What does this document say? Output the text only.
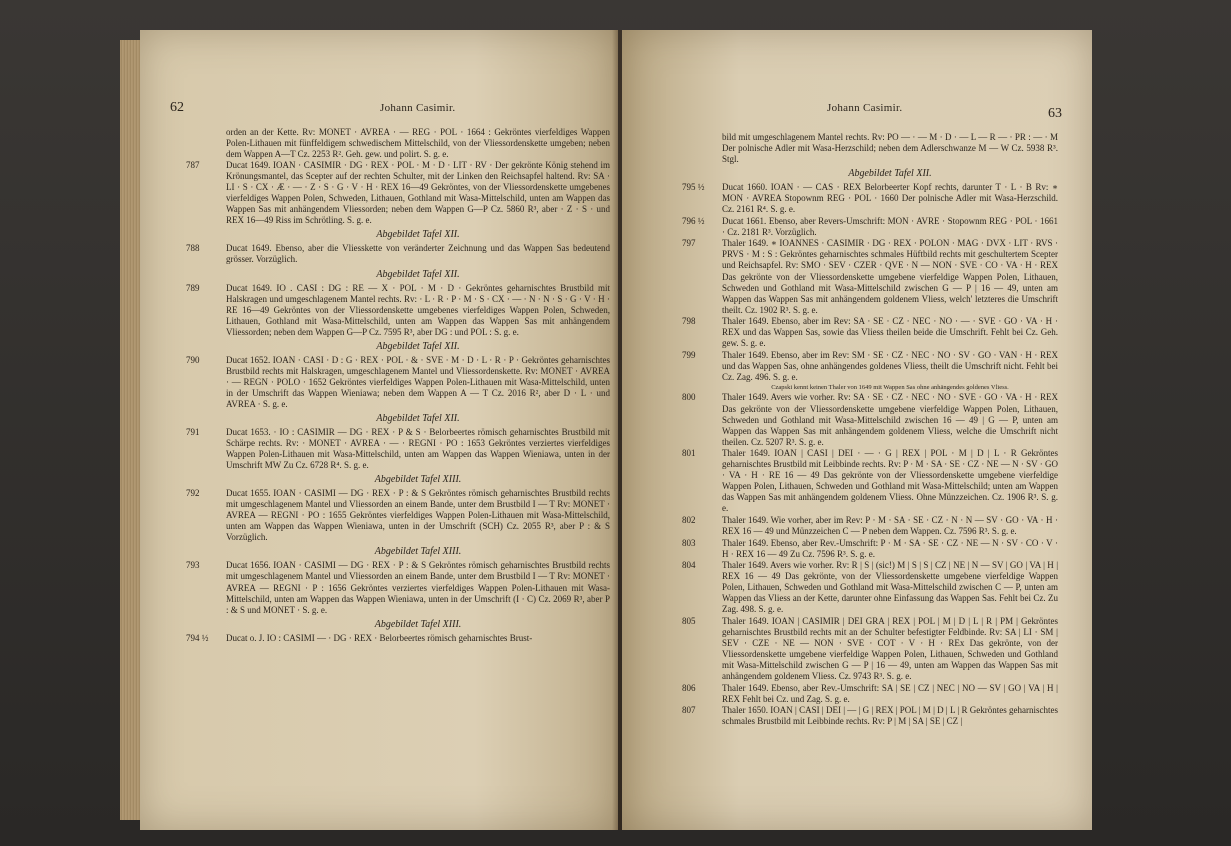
62	Johann Casimir.
orden an der Kette. Rv: MONET · AVREA · — REG · POL · 1664 : Gekröntes vierfeldiges Wappen Polen-Lithauen mit fünffeldigem schwedischem Mittelschild, von der Vliessordenskette umgeben; neben dem Wappen A—T Cz. 2253 R². Geh. gew. und polirt. S. g. e.
787	Ducat 1649. IOAN · CASIMIR · DG · REX · POL · M · D · LIT · RV · Der gekrönte König stehend im Krönungsmantel, das Scepter auf der rechten Schulter, mit der Linken den Reichsapfel haltend. Rv: SA · LI · S · CX · Æ · — · Z · S · G · V · H · REX 16—49 Gekröntes, von der Vliessordenskette umgebenes vierfeldiges Wappen Polen, Schweden, Lithauen, Gothland mit Wasa-Mittelschild, unten am Wappen das Wappen Sas mit anhängendem Vliessorden; neben dem Wappen G—P Cz. 5860 R³, aber · Z · S · und REX 16—49 Riss im Schrötling. S. g. e.
Abgebildet Tafel XII.
788	Ducat 1649. Ebenso, aber die Vliesskette von veränderter Zeichnung und das Wappen Sas bedeutend grösser. Vorzüglich.
Abgebildet Tafel XII.
789	Ducat 1649. IO . CASI : DG : RE — X · POL · M · D · Gekröntes geharnischtes Brustbild mit Halskragen und umgeschlagenem Mantel rechts. Rv: · L · R · P · M · S · CX · — · N · N · S · G · V · H · RE 16—49 Gekröntes von der Vliessordenskette umgebenes vierfeldiges Wappen Polen, Schweden, Lithauen, Gothland mit Wasa-Mittelschild, unten am Wappen das Wappen Sas mit anhängendem Vliessorden; neben dem Wappen G—P Cz. 7595 R³, aber DG : und POL : S. g. e.
Abgebildet Tafel XII.
790	Ducat 1652. IOAN · CASI · D : G · REX · POL · & · SVE · M · D · L · R · P · Gekröntes geharnischtes Brustbild rechts mit Halskragen, umgeschlagenem Mantel und Vliessordenskette. Rv: MONET · AVREA · — REGN · POLO · 1652 Gekröntes vierfeldiges Wappen Polen-Lithauen mit Wasa-Mittelschild, unten in der Umschrift das Wappen Wieniawa; neben dem Wappen A — T Cz. 2016 R², aber D · L · und AVREA · S. g. e.
Abgebildet Tafel XII.
791	Ducat 1653. · IO : CASIMIR — DG · REX · P & S · Belorbeertes römisch geharnischtes Brustbild mit Schärpe rechts. Rv: · MONET · AVREA · — · REGNI · PO : 1653 Gekröntes verziertes vierfeldiges Wappen Polen-Lithauen mit Wasa-Mittelschild, unten am Wappen das Wappen Wieniawa, unten in der Umschrift MW Zu Cz. 6728 R⁴. S. g. e.
Abgebildet Tafel XIII.
792	Ducat 1655. IOAN · CASIMI — DG · REX · P : & S Gekröntes römisch geharnischtes Brustbild rechts mit umgeschlagenem Mantel und Vliessorden an einem Bande, unter dem Brustbild I — T Rv: MONET · AVREA — REGNI · PO : 1655 Gekröntes vierfeldiges Wappen Polen-Lithauen mit Wasa-Mittelschild, unten am Wappen das Wappen Wieniawa, unten in der Umschrift (SCH) Cz. 2055 R³, aber P : & S Vorzüglich.
Abgebildet Tafel XIII.
793	Ducat 1656. IOAN · CASIMI — DG · REX · P : & S Gekröntes römisch geharnischtes Brustbild rechts mit umgeschlagenem Mantel und Vliessorden an einem Bande, unter dem Brustbild I — T Rv: MONET · AVREA — REGNI · P : 1656 Gekröntes verziertes vierfeldiges Wappen Polen-Lithauen mit Wasa-Mittelschild, unten am Wappen das Wappen Wieniawa, unten in der Umschrift (I · C) Cz. 2069 R³, aber P : & S und MONET · S. g. e.
Abgebildet Tafel XIII.
794 ½	Ducat o. J. IO : CASIMI — · DG · REX · Belorbeertes römisch geharnischtes Brust-
Johann Casimir.	63
bild mit umgeschlagenem Mantel rechts. Rv: PO — · — M · D · — L — R — · PR : — · M Der polnische Adler mit Wasa-Herzschild; neben dem Adlerschwanze M — W Cz. 5938 R³. Stgl.
Abgebildet Tafel XII.
795 ½	Ducat 1660. IOAN · — CAS · REX Belorbeerter Kopf rechts, darunter T · L · B Rv: ∗ MON · AVREA Stopownm REG · POL · 1660 Der polnische Adler mit Wasa-Herzschild. Cz. 2161 R⁴. S. g. e.
796 ½	Ducat 1661. Ebenso, aber Revers-Umschrift: MON · AVRE · Stopownm REG · POL · 1661 · Cz. 2181 R³. Vorzüglich.
797	Thaler 1649. ∗ IOANNES · CASIMIR · DG · REX · POLON · MAG · DVX · LIT · RVS · PRVS · M : S : Gekröntes geharnischtes schmales Hüftbild rechts mit geschultertem Scepter und Reichsapfel. Rv: SMO · SEV · CZER · QVE · N — NON · SVE · CO · VA · H · REX Das gekrönte von der Vliessordenskette umgebene vierfeldige Wappen Polen, Lithauen, Schweden und Gothland mit Wasa-Mittelschild zwischen G — P | 16 — 49, unten am Wappen das Wappen Sas mit anhängendem goldenem Vliess, welch' letzteres die Umschrift theilt. Cz. 1902 R³. S. g. e.
798	Thaler 1649. Ebenso, aber im Rev: SA · SE · CZ · NEC · NO · — · SVE · GO · VA · H · REX und das Wappen Sas, sowie das Vliess theilen beide die Umschrift. Fehlt bei Cz. Geh. gew. S. g. e.
799	Thaler 1649. Ebenso, aber im Rev: SM · SE · CZ · NEC · NO · SV · GO · VAN · H · REX und das Wappen Sas, ohne anhängendes goldenes Vliess, theilt die Umschrift nicht. Fehlt bei Cz. Zag. 496. S. g. e.
Czapski kennt keinen Thaler von 1649 mit Wappen Sas ohne anhängendes goldenes Vliess.
800	Thaler 1649. Avers wie vorher. Rv: SA · SE · CZ · NEC · NO · SVE · GO · VA · H · REX Das gekrönte von der Vliessordenskette umgebene vierfeldige Wappen Polen, Lithauen, Schweden und Gothland mit Wasa-Mittelschild zwischen 16 — 49 | G — P, unten am Wappen das Wappen Sas mit anhängendem goldenem Vliess, welche die Umschrift nicht theilen. Cz. 5207 R³. S. g. e.
801	Thaler 1649. IOAN | CASI | DEI · — · G | REX | POL · M | D | L · R Gekröntes geharnischtes Brustbild mit Leibbinde rechts. Rv: P · M · SA · SE · CZ · NE — N · SV · GO · VA · H · RE 16 — 49 Das gekrönte von der Vliessordenskette umgebene vierfeldige Wappen Polen, Lithauen, Schweden und Gothland mit Wasa-Mittelschild; unten am Wappen das Wappen Sas mit anhängendem goldenem Vliess. Ohne Münzzeichen. Cz. 1906 R³. S. g. e.
802	Thaler 1649. Wie vorher, aber im Rev: P · M · SA · SE · CZ · N · N — SV · GO · VA · H · REX 16 — 49 und Münzzeichen C — P neben dem Wappen. Cz. 7596 R³. S. g. e.
803	Thaler 1649. Ebenso, aber Rev.-Umschrift: P · M · SA · SE · CZ · NE — N · SV · CO · V · H · REX 16 — 49 Zu Cz. 7596 R³. S. g. e.
804	Thaler 1649. Avers wie vorher. Rv: R | S | (sic!) M | S | S | CZ | NE | N — SV | GO | VA | H | REX 16 — 49 Das gekrönte, von der Vliessordenskette umgebene vierfeldige Wappen Polen, Lithauen, Schweden und Gothland mit Wasa-Mittelschild zwischen C — P, unten am Wappen das Vliess an der Kette, darunter ohne Einfassung das Wappen Sas. Fehlt bei Cz. Zu Zag. 498. S. g. e.
805	Thaler 1649. IOAN | CASIMIR | DEI GRA | REX | POL | M | D | L | R | PM | Gekröntes geharnischtes Brustbild rechts mit an der Schulter befestigter Feldbinde. Rv: SA | LI · SM | SEV · CZE · NE — NON · SVE · COT · V · H · REx Das gekrönte, von der Vliessordenskette umgebene vierfeldige Wappen Polen, Lithauen, Schweden und Gothland mit Wasa-Mittelschild zwischen G — P | 16 — 49, unten am Wappen das Wappen Sas mit anhängendem goldenem Vliess. Cz. 9743 R³. S. g. e.
806	Thaler 1649. Ebenso, aber Rev.-Umschrift: SA | SE | CZ | NEC | NO — SV | GO | VA | H | REX Fehlt bei Cz. und Zag. S. g. e.
807	Thaler 1650. IOAN | CASI | DEI | — | G | REX | POL | M | D | L | R Gekröntes geharnischtes schmales Brustbild mit Leibbinde rechts. Rv: P | M | SA | SE | CZ |
